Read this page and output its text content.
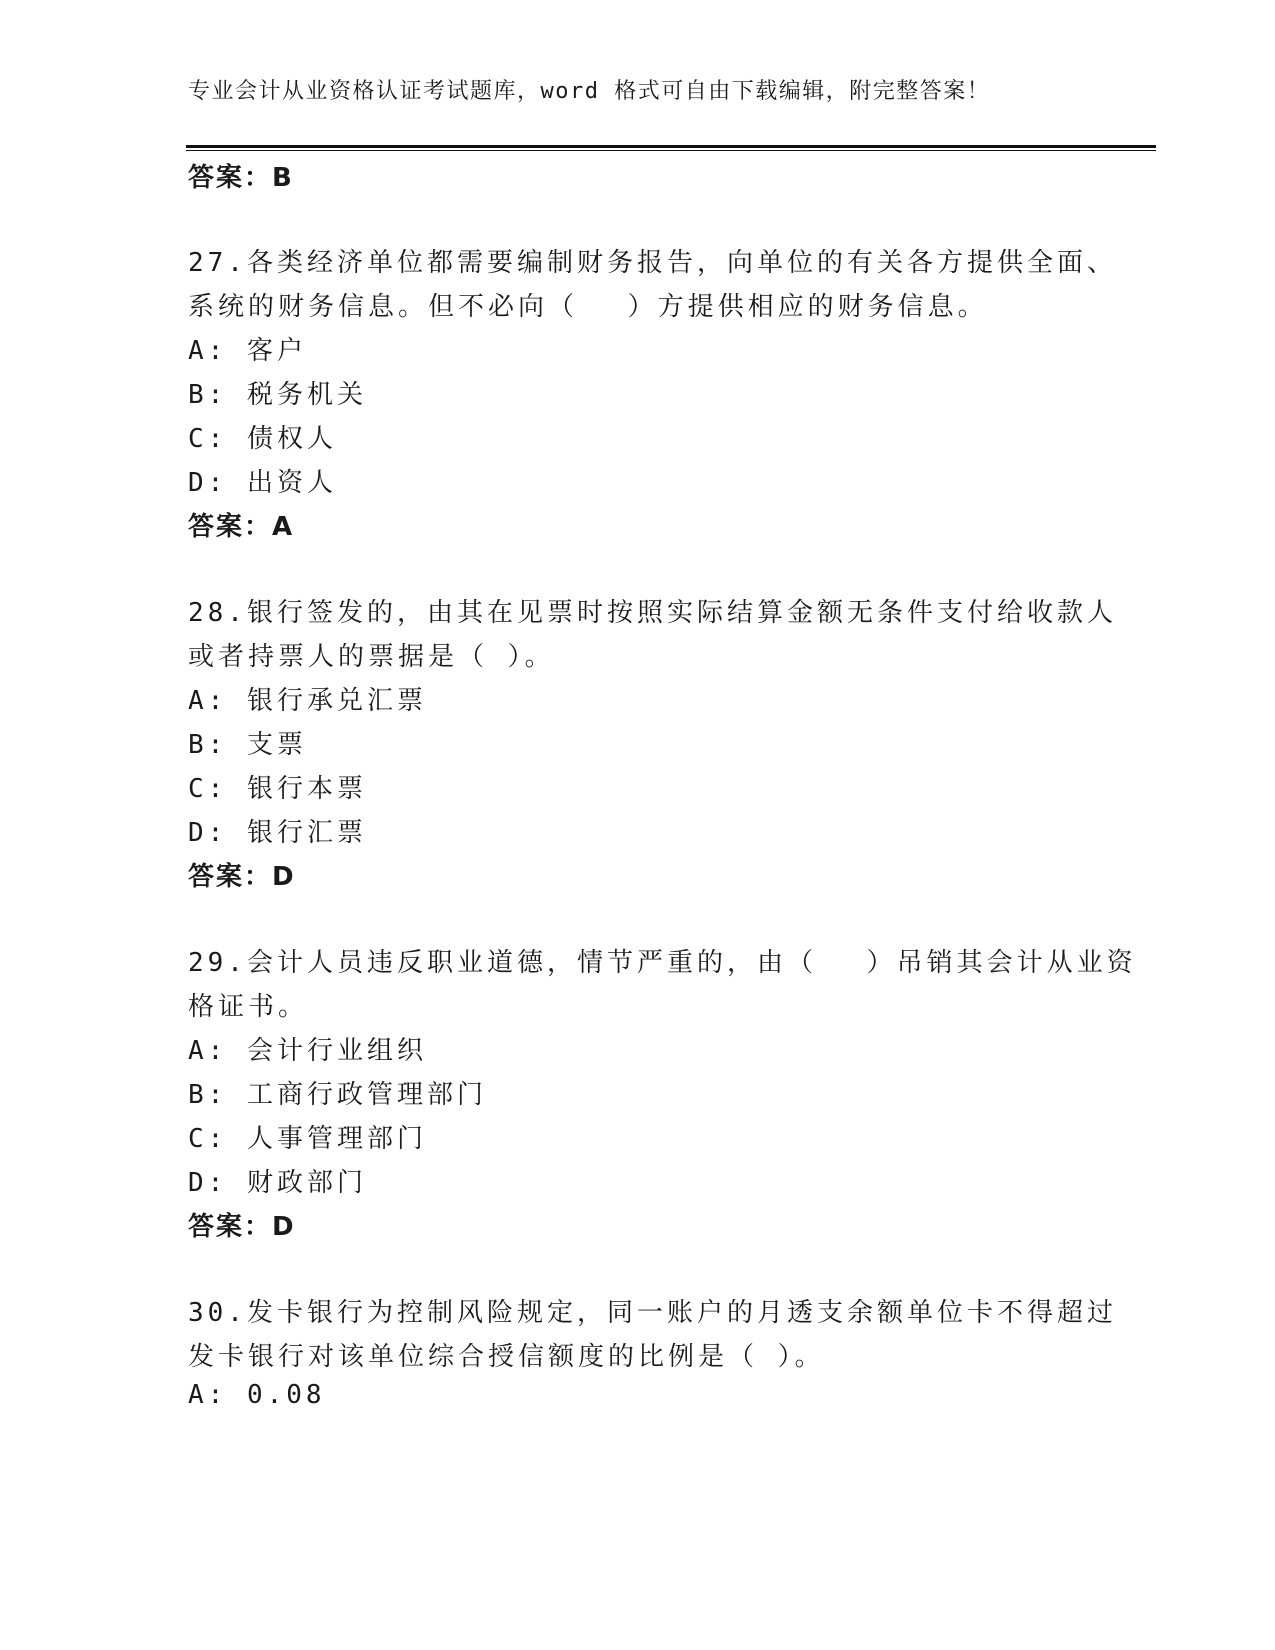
专业会计从业资格认证考试题库，word 格式可自由下载编辑，附完整答案！
答案：B
27.各类经济单位都需要编制财务报告，向单位的有关各方提供全面、
系统的财务信息。但不必向（　 ）方提供相应的财务信息。
A: 客户
B: 税务机关
C: 债权人
D: 出资人
答案：A
28.银行签发的，由其在见票时按照实际结算金额无条件支付给收款人
或者持票人的票据是（ ）。
A: 银行承兑汇票
B: 支票
C: 银行本票
D: 银行汇票
答案：D
29.会计人员违反职业道德，情节严重的，由（　 ）吊销其会计从业资
格证书。
A: 会计行业组织
B: 工商行政管理部门
C: 人事管理部门
D: 财政部门
答案：D
30.发卡银行为控制风险规定，同一账户的月透支余额单位卡不得超过
发卡银行对该单位综合授信额度的比例是（ ）。
A: 0.08
